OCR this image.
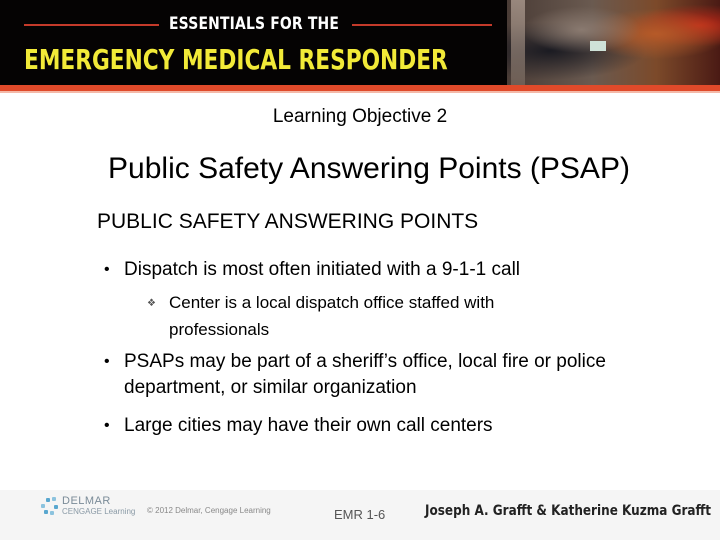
ESSENTIALS FOR THE
EMERGENCY MEDICAL RESPONDER
Learning Objective 2
Public Safety Answering Points (PSAP)
PUBLIC SAFETY ANSWERING POINTS
• Dispatch is most often initiated with a 9-1-1 call
❖ Center is a local dispatch office staffed with professionals
• PSAPs may be part of a sheriff’s office, local fire or police department, or similar organization
• Large cities may have their own call centers
DELMAR
CENGAGE Learning © 2012 Delmar, Cengage Learning	EMR 1-6	Joseph A. Grafft & Katherine Kuzma Grafft
